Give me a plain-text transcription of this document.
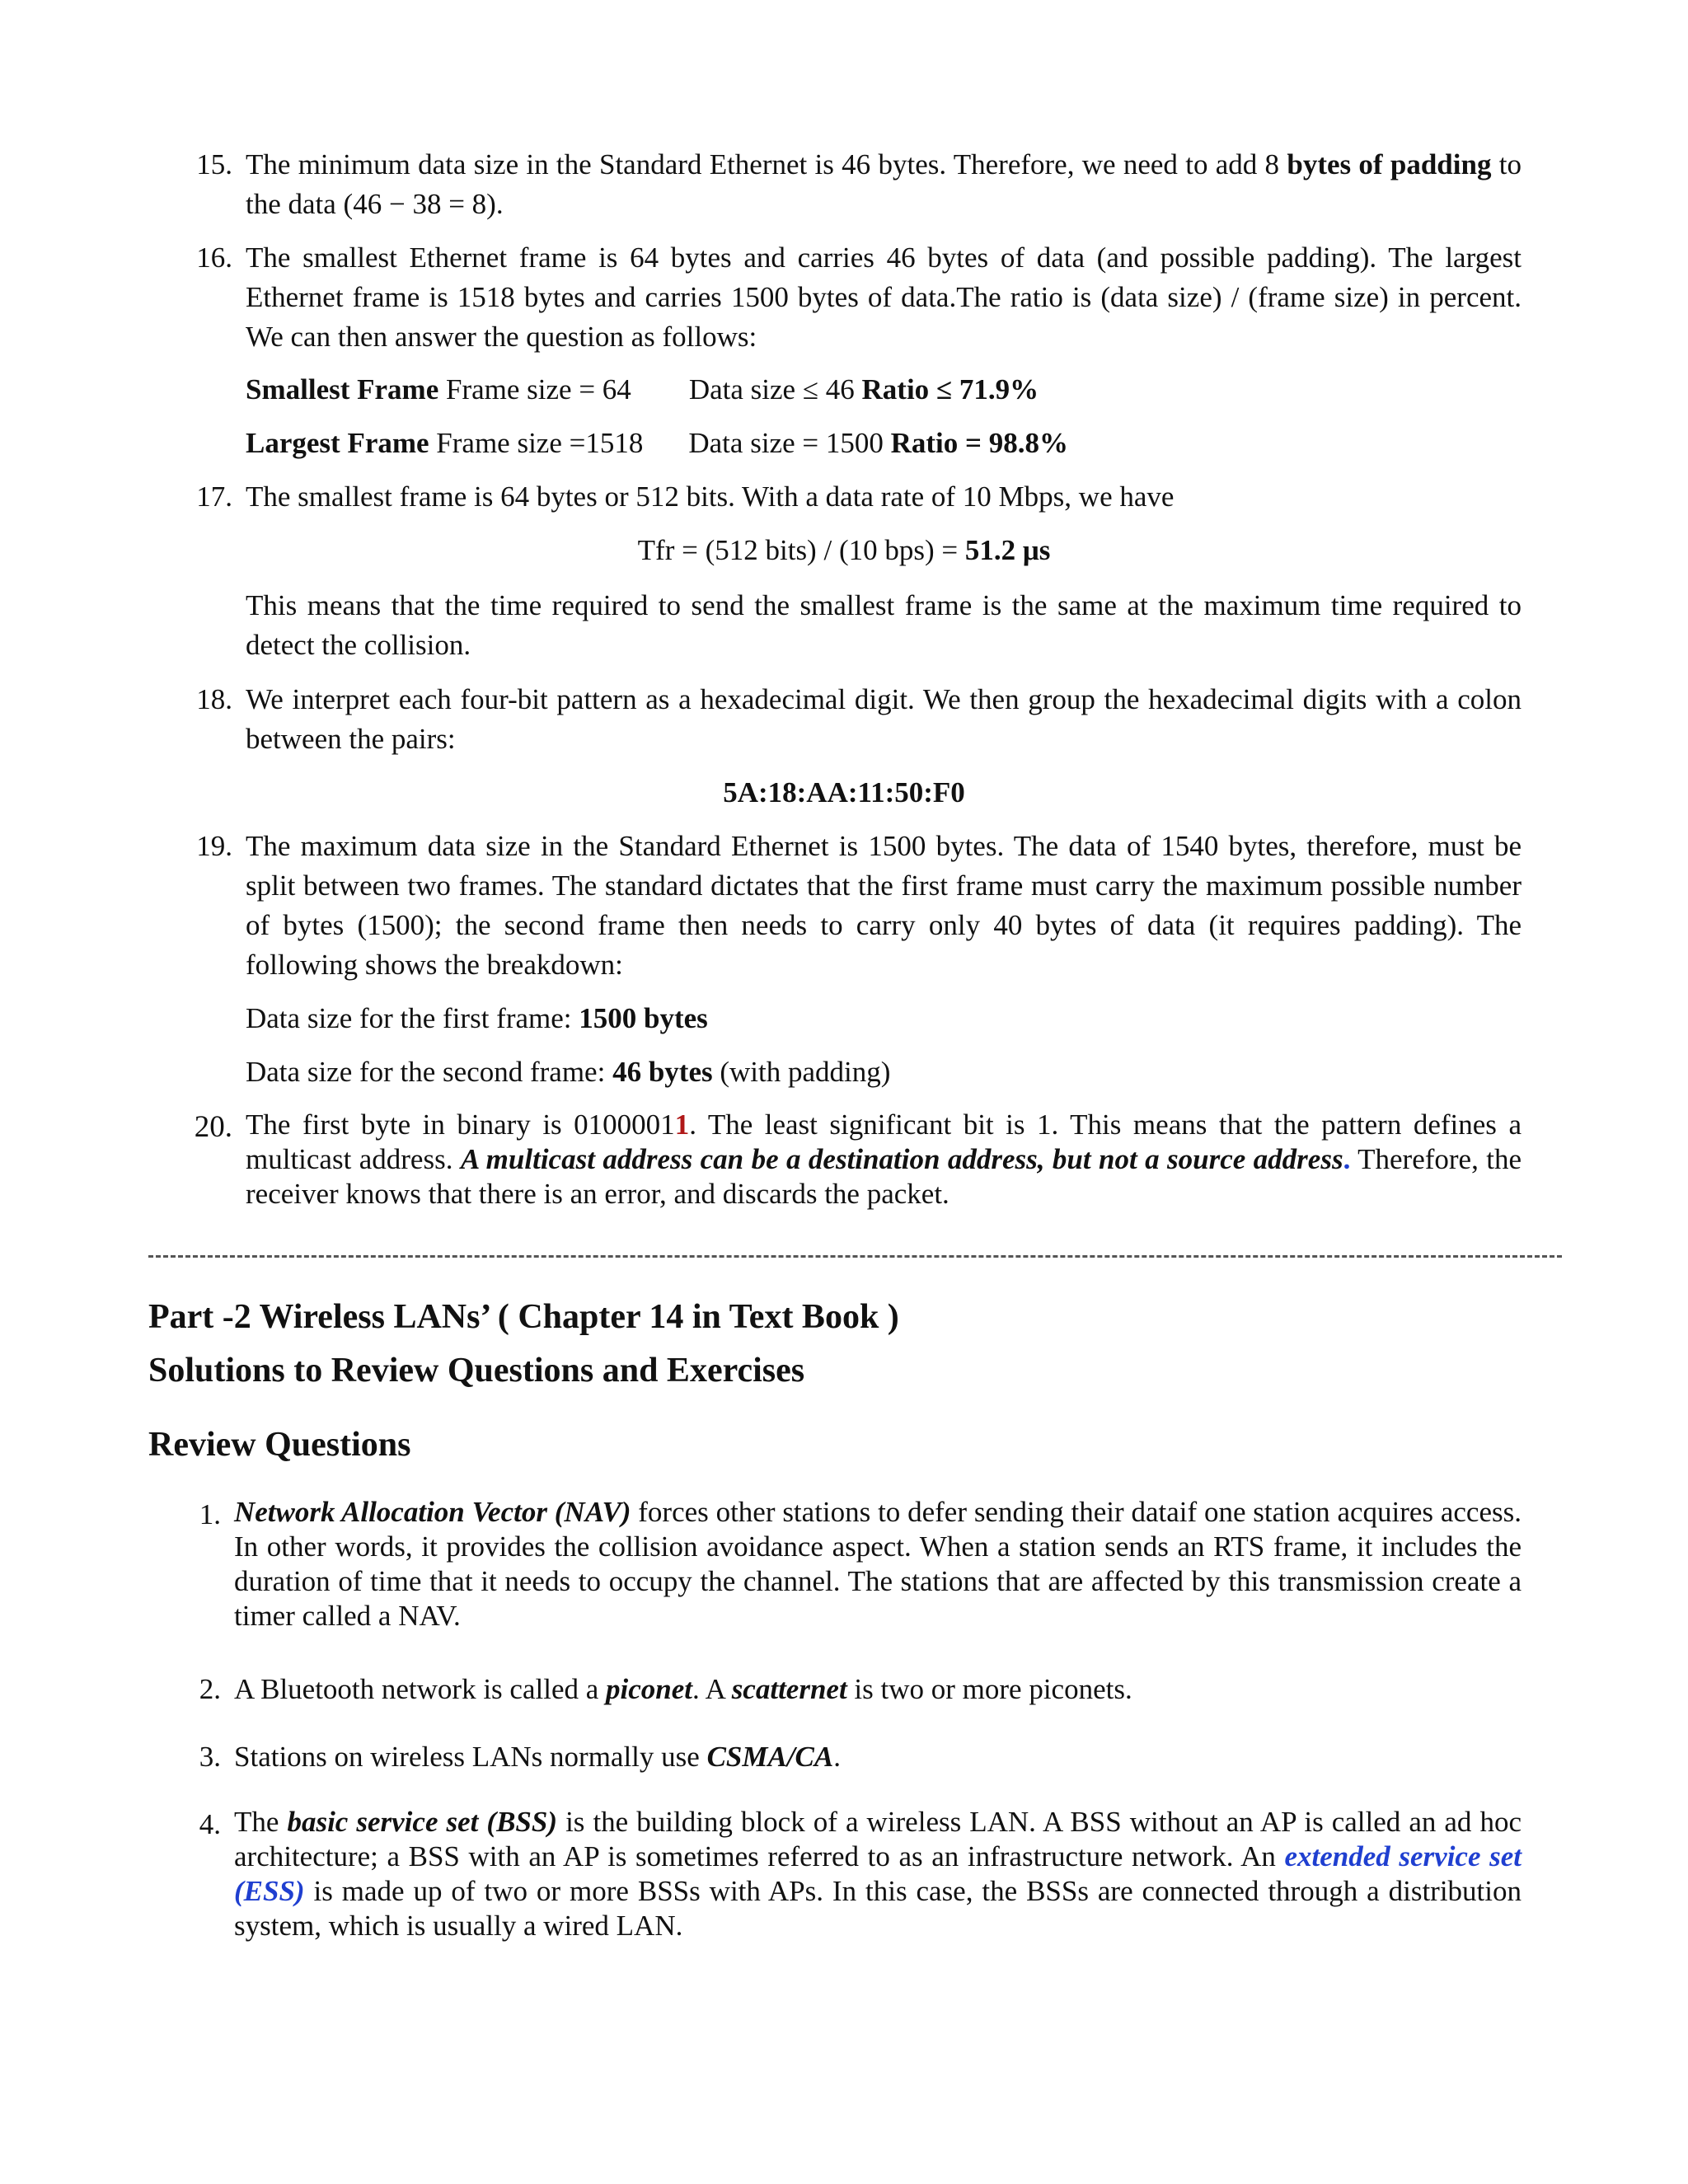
15. The minimum data size in the Standard Ethernet is 46 bytes. Therefore, we need to add 8 bytes of padding to the data (46 − 38 = 8).

16. The smallest Ethernet frame is 64 bytes and carries 46 bytes of data (and possible padding). The largest Ethernet frame is 1518 bytes and carries 1500 bytes of data.The ratio is (data size) / (frame size) in percent. We can then answer the question as follows:

Smallest Frame Frame size = 64 Data size ≤ 46 Ratio ≤ 71.9%
Largest Frame Frame size =1518 Data size = 1500 Ratio = 98.8%
17. The smallest frame is 64 bytes or 512 bits. With a data rate of 10 Mbps, we have

Tfr = (512 bits) / (10 bps) = 51.2 μs

This means that the time required to send the smallest frame is the same at the maximum time required to detect the collision.

18. We interpret each four-bit pattern as a hexadecimal digit. We then group the hexadecimal digits with a colon between the pairs:

5A:18:AA:11:50:F0
19. The maximum data size in the Standard Ethernet is 1500 bytes. The data of 1540 bytes, therefore, must be split between two frames. The standard dictates that the first frame must carry the maximum possible number of bytes (1500); the second frame then needs to carry only 40 bytes of data (it requires padding). The following shows the breakdown:

Data size for the first frame: 1500 bytes
Data size for the second frame: 46 bytes (with padding)
20. The first byte in binary is 01000011. The least significant bit is 1. This means that the pattern defines a multicast address. A multicast address can be a destination address, but not a source address. Therefore, the receiver knows that there is an error, and discards the packet.

Part -2 Wireless LANs’ ( Chapter 14 in Text Book )
Solutions to Review Questions and Exercises
Review Questions
1. Network Allocation Vector (NAV) forces other stations to defer sending their dataif one station acquires access. In other words, it provides the collision avoidance aspect. When a station sends an RTS frame, it includes the duration of time that it needs to occupy the channel. The stations that are affected by this transmission create a timer called a NAV.

2. A Bluetooth network is called a piconet. A scatternet is two or more piconets.

3. Stations on wireless LANs normally use CSMA/CA.

4. The basic service set (BSS) is the building block of a wireless LAN. A BSS without an AP is called an ad hoc architecture; a BSS with an AP is sometimes referred to as an infrastructure network. An extended service set (ESS) is made up of two or more BSSs with APs. In this case, the BSSs are connected through a distribution system, which is usually a wired LAN.
